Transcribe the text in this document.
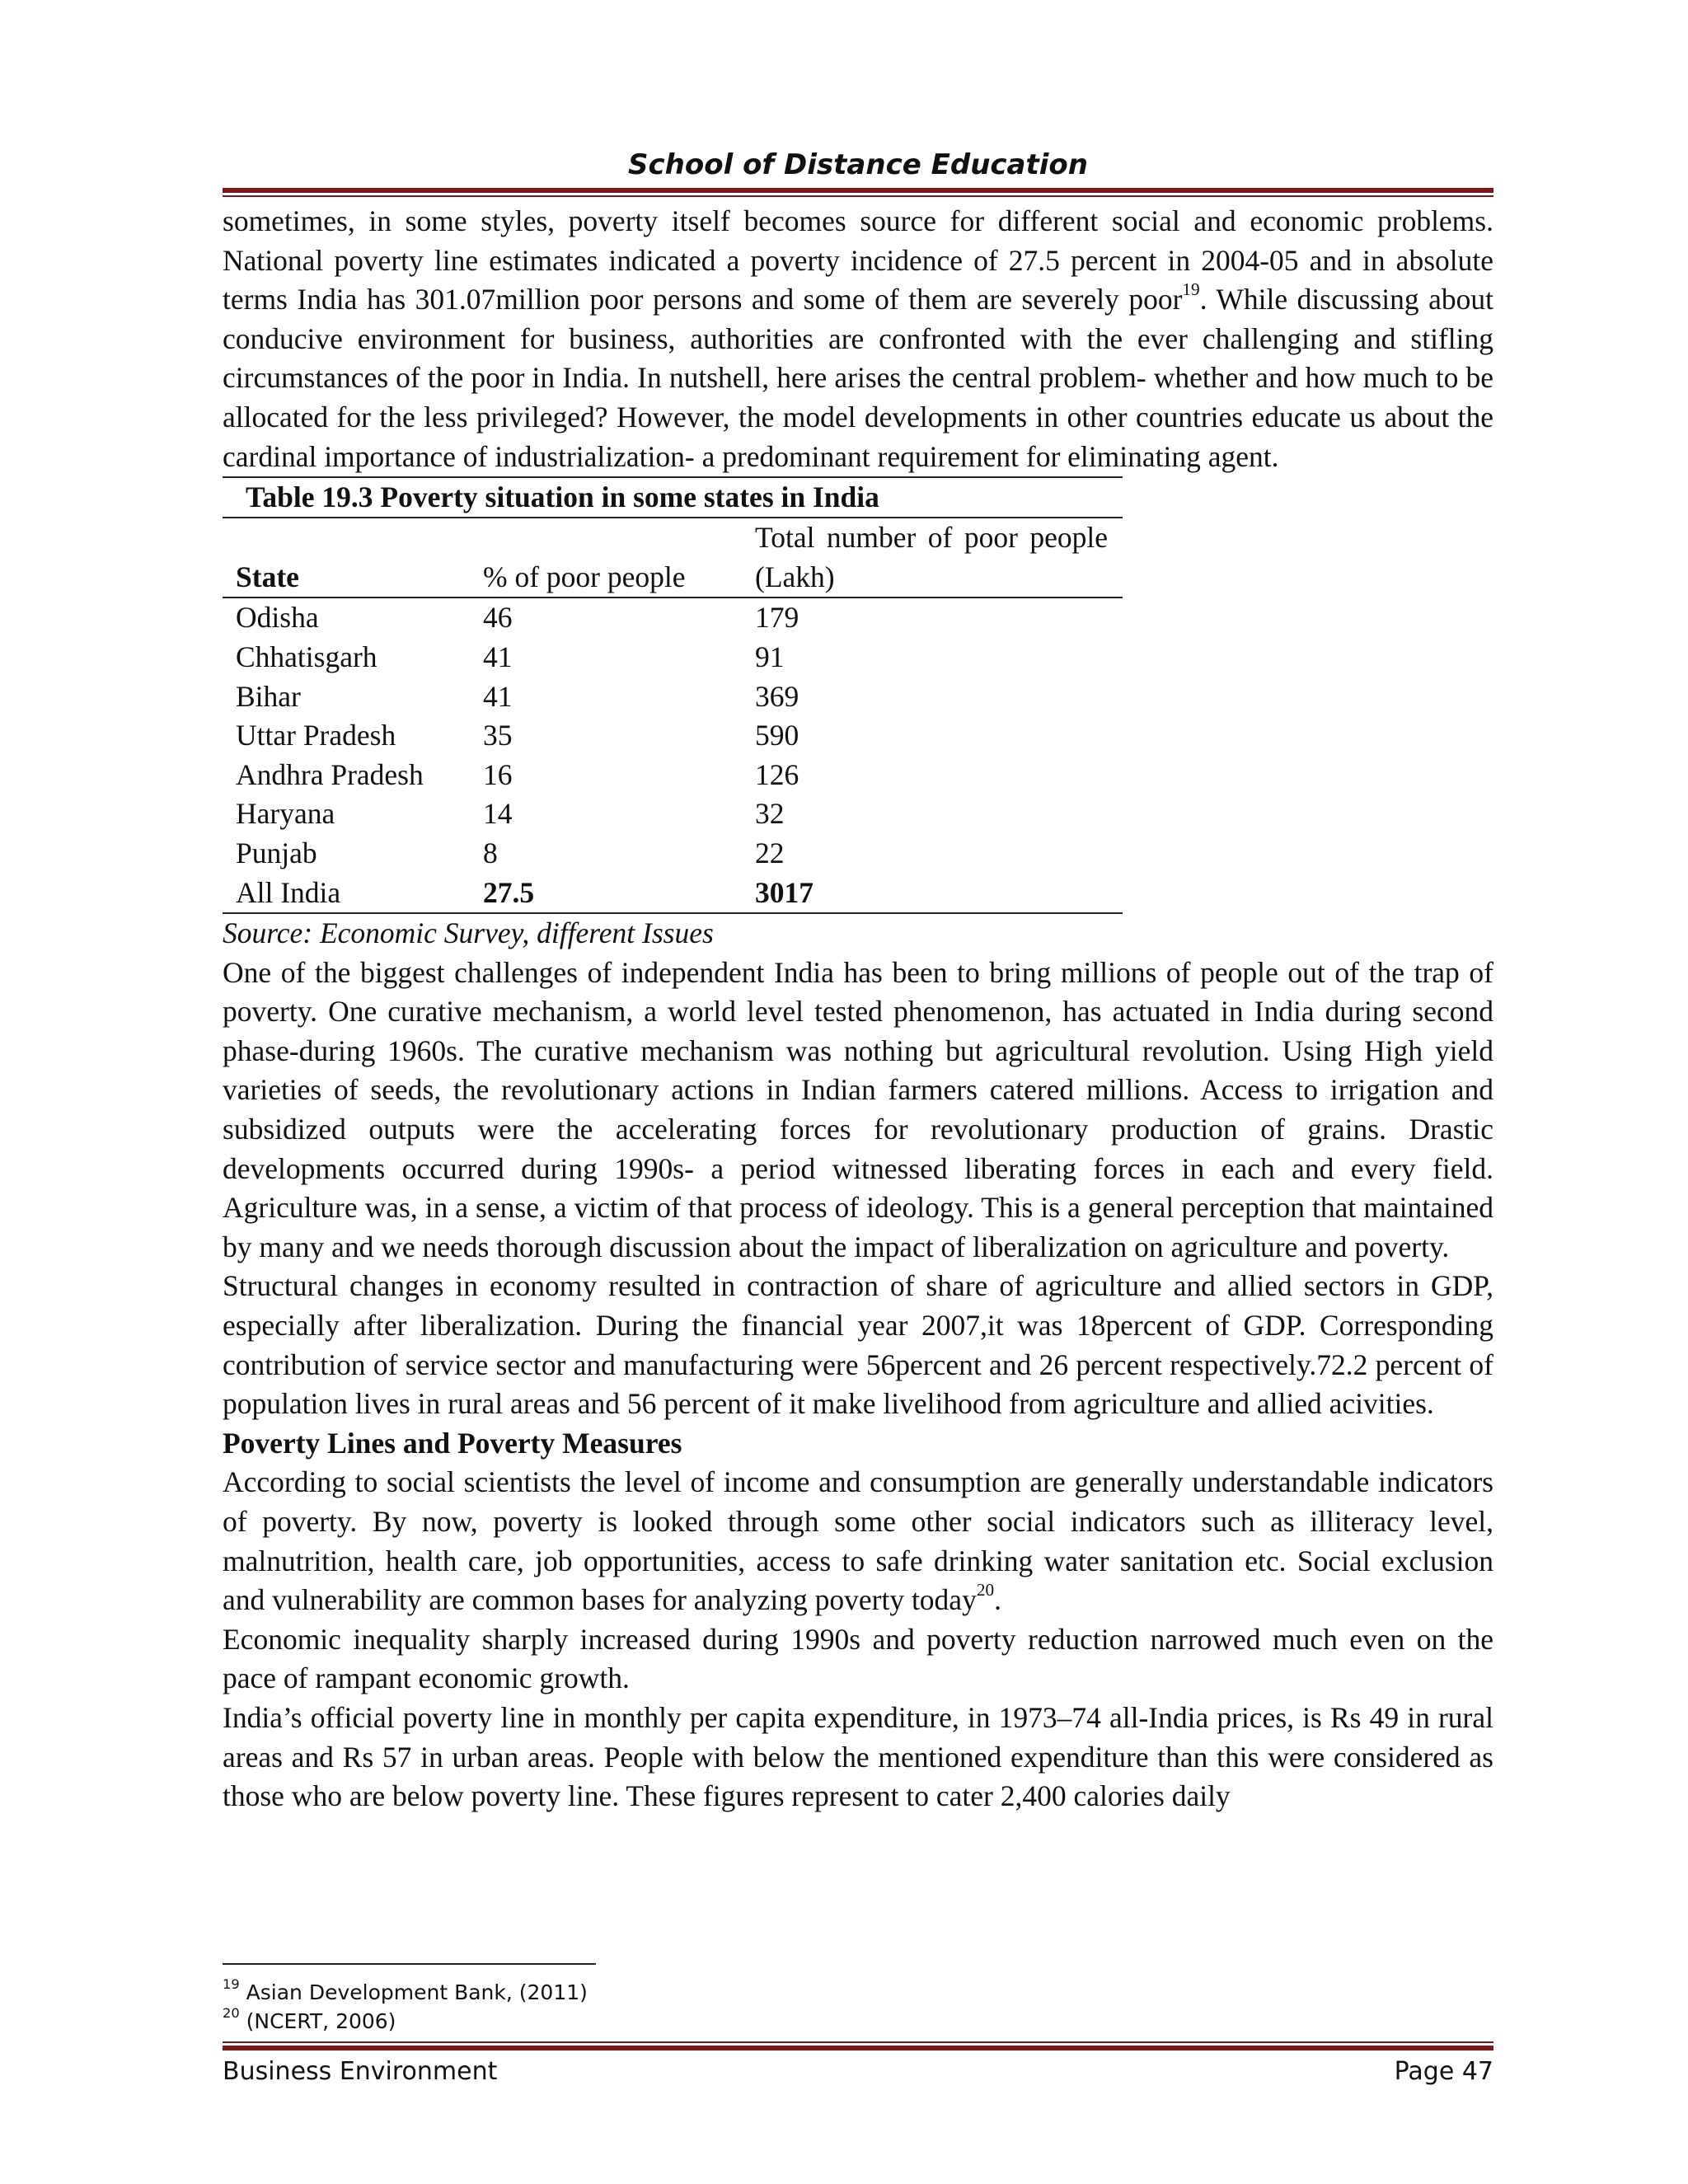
School of Distance Education

sometimes, in some styles, poverty itself becomes source for different social and economic problems. National poverty line estimates indicated a poverty incidence of 27.5 percent in 2004-05 and in absolute terms India has 301.07million poor persons and some of them are severely poor$^{19}$. While discussing about conducive environment for business, authorities are confronted with the ever challenging and stifling circumstances of the poor in India. In nutshell, here arises the central problem- whether and how much to be allocated for the less privileged? However, the model developments in other countries educate us about the cardinal importance of industrialization- a predominant requirement for eliminating agent.

Table 19.3 Poverty situation in some states in India
State	% of poor people	Total number of poor people (Lakh)
Odisha	46	179
Chhatisgarh	41	91
Bihar	41	369
Uttar Pradesh	35	590
Andhra Pradesh	16	126
Haryana	14	32
Punjab	8	22
All India	27.5	3017

Source: Economic Survey, different Issues

One of the biggest challenges of independent India has been to bring millions of people out of the trap of poverty. One curative mechanism, a world level tested phenomenon, has actuated in India during second phase-during 1960s. The curative mechanism was nothing but agricultural revolution. Using High yield varieties of seeds, the revolutionary actions in Indian farmers catered millions. Access to irrigation and subsidized outputs were the accelerating forces for revolutionary production of grains. Drastic developments occurred during 1990s- a period witnessed liberating forces in each and every field. Agriculture was, in a sense, a victim of that process of ideology. This is a general perception that maintained by many and we needs thorough discussion about the impact of liberalization on agriculture and poverty.

Structural changes in economy resulted in contraction of share of agriculture and allied sectors in GDP, especially after liberalization. During the financial year 2007,it was 18percent of GDP. Corresponding contribution of service sector and manufacturing were 56percent and 26 percent respectively.72.2 percent of population lives in rural areas and 56 percent of it make livelihood from agriculture and allied acivities.

Poverty Lines and Poverty Measures

According to social scientists the level of income and consumption are generally understandable indicators of poverty. By now, poverty is looked through some other social indicators such as illiteracy level, malnutrition, health care, job opportunities, access to safe drinking water sanitation etc. Social exclusion and vulnerability are common bases for analyzing poverty today$^{20}$.

Economic inequality sharply increased during 1990s and poverty reduction narrowed much even on the pace of rampant economic growth.

India’s official poverty line in monthly per capita expenditure, in 1973–74 all-India prices, is Rs 49 in rural areas and Rs 57 in urban areas. People with below the mentioned expenditure than this were considered as those who are below poverty line. These figures represent to cater 2,400 calories daily

$^{19}$ Asian Development Bank, (2011)
$^{20}$ (NCERT, 2006)
Business Environment	Page 47
